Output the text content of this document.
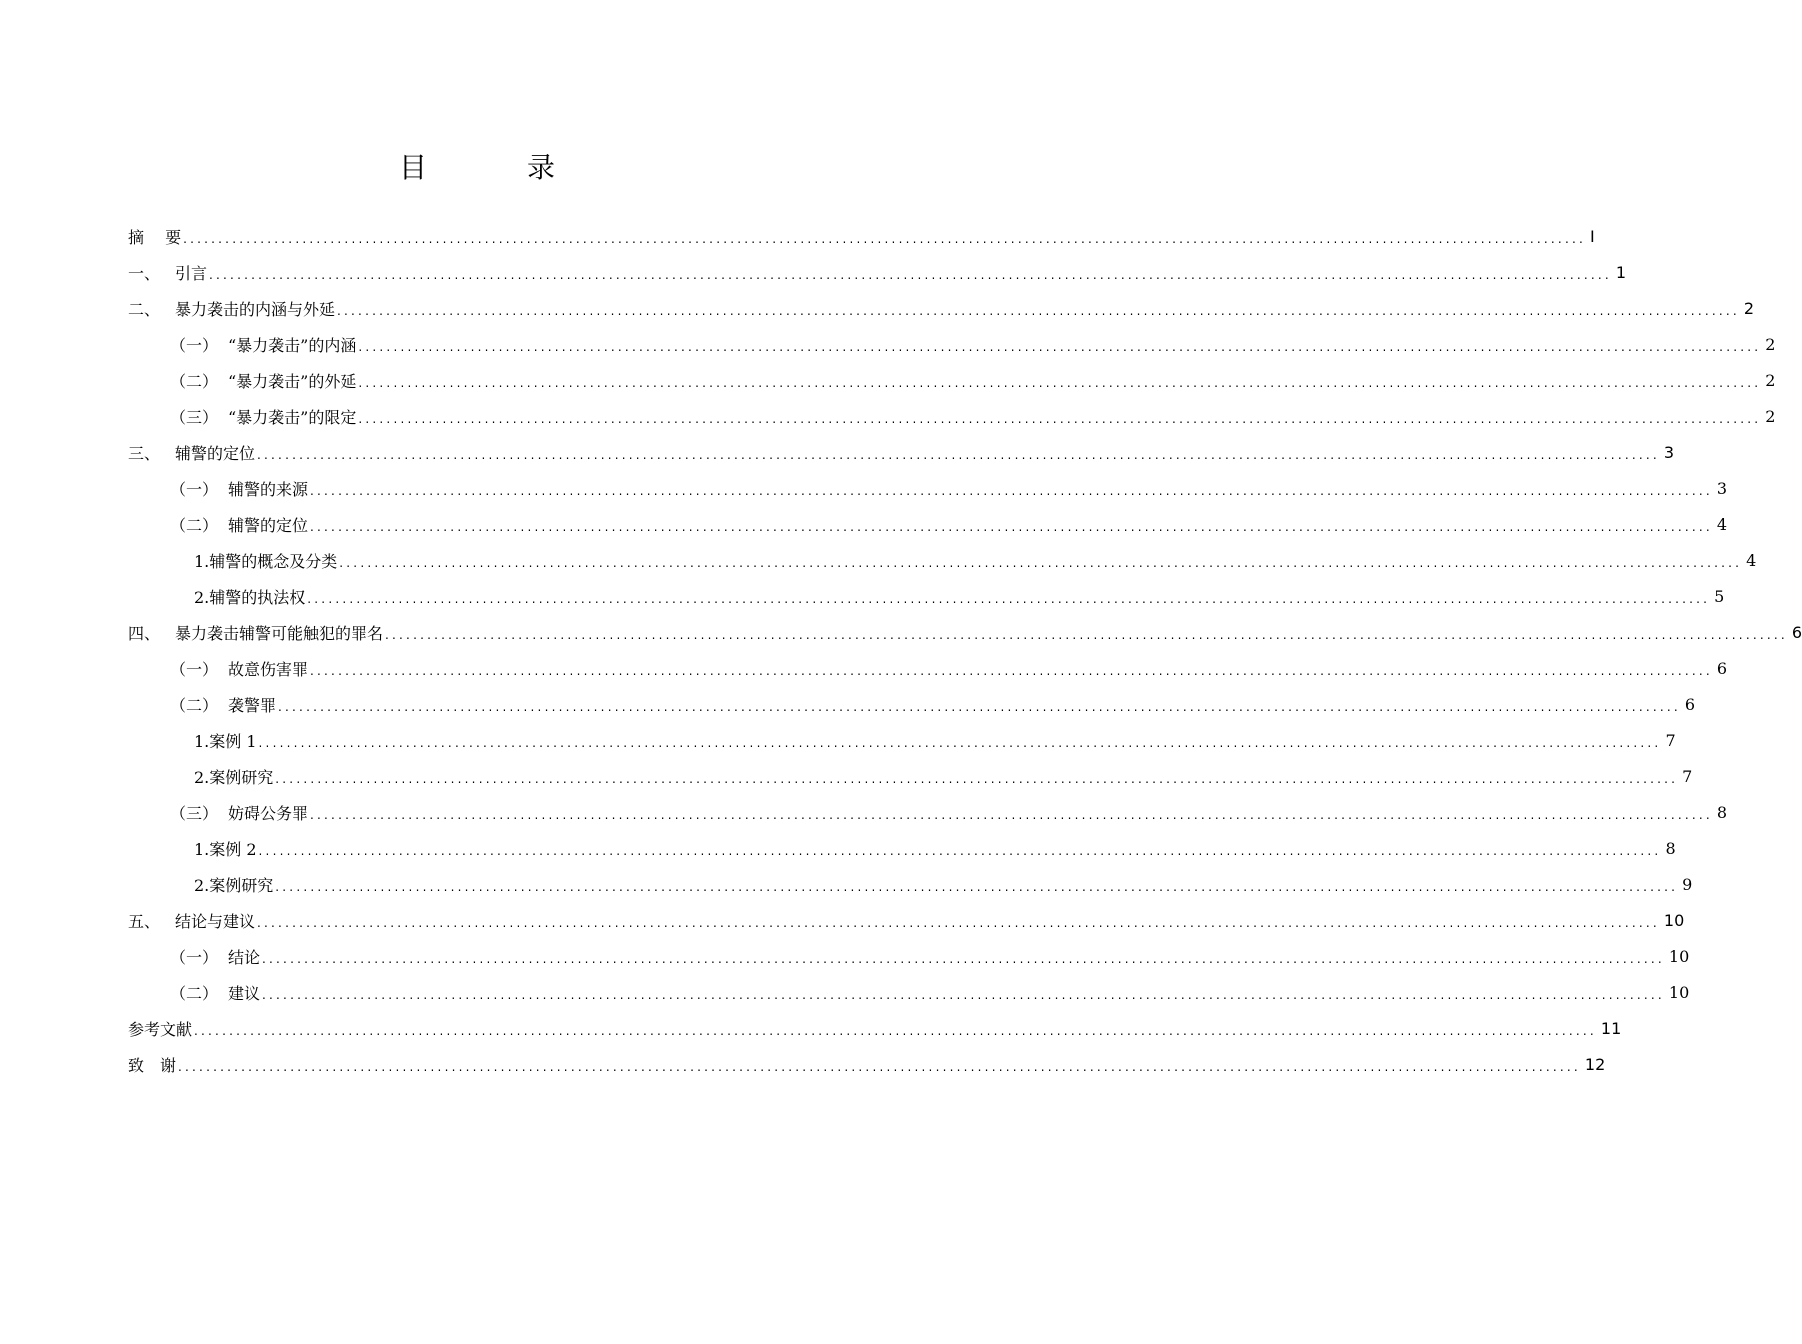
目　录
摘　 要 ........................................................................................................................................................................................................ I
一、 引言 ........................................................................................................................................................................................................ 1
二、 暴力袭击的内涵与外延 ........................................................................................................................................................................................................ 2
（一） “暴力袭击”的内涵 ........................................................................................................................................................................................................ 2
（二） “暴力袭击”的外延 ........................................................................................................................................................................................................ 2
（三） “暴力袭击”的限定 ........................................................................................................................................................................................................ 2
三、 辅警的定位 ........................................................................................................................................................................................................ 3
（一） 辅警的来源 ........................................................................................................................................................................................................ 3
（二） 辅警的定位 ........................................................................................................................................................................................................ 4
1.辅警的概念及分类 ........................................................................................................................................................................................................ 4
2.辅警的执法权 ........................................................................................................................................................................................................ 5
四、 暴力袭击辅警可能触犯的罪名 ........................................................................................................................................................................................................ 6
（一） 故意伤害罪 ........................................................................................................................................................................................................ 6
（二） 袭警罪 ........................................................................................................................................................................................................ 6
1.案例 1 ........................................................................................................................................................................................................ 7
2.案例研究 ........................................................................................................................................................................................................ 7
（三） 妨碍公务罪 ........................................................................................................................................................................................................ 8
1.案例 2 ........................................................................................................................................................................................................ 8
2.案例研究 ........................................................................................................................................................................................................ 9
五、 结论与建议 ........................................................................................................................................................................................................ 10
（一） 结论 ........................................................................................................................................................................................................ 10
（二） 建议 ........................................................................................................................................................................................................ 10
参考文献 ........................................................................................................................................................................................................ 11
致　谢 ........................................................................................................................................................................................................ 12
